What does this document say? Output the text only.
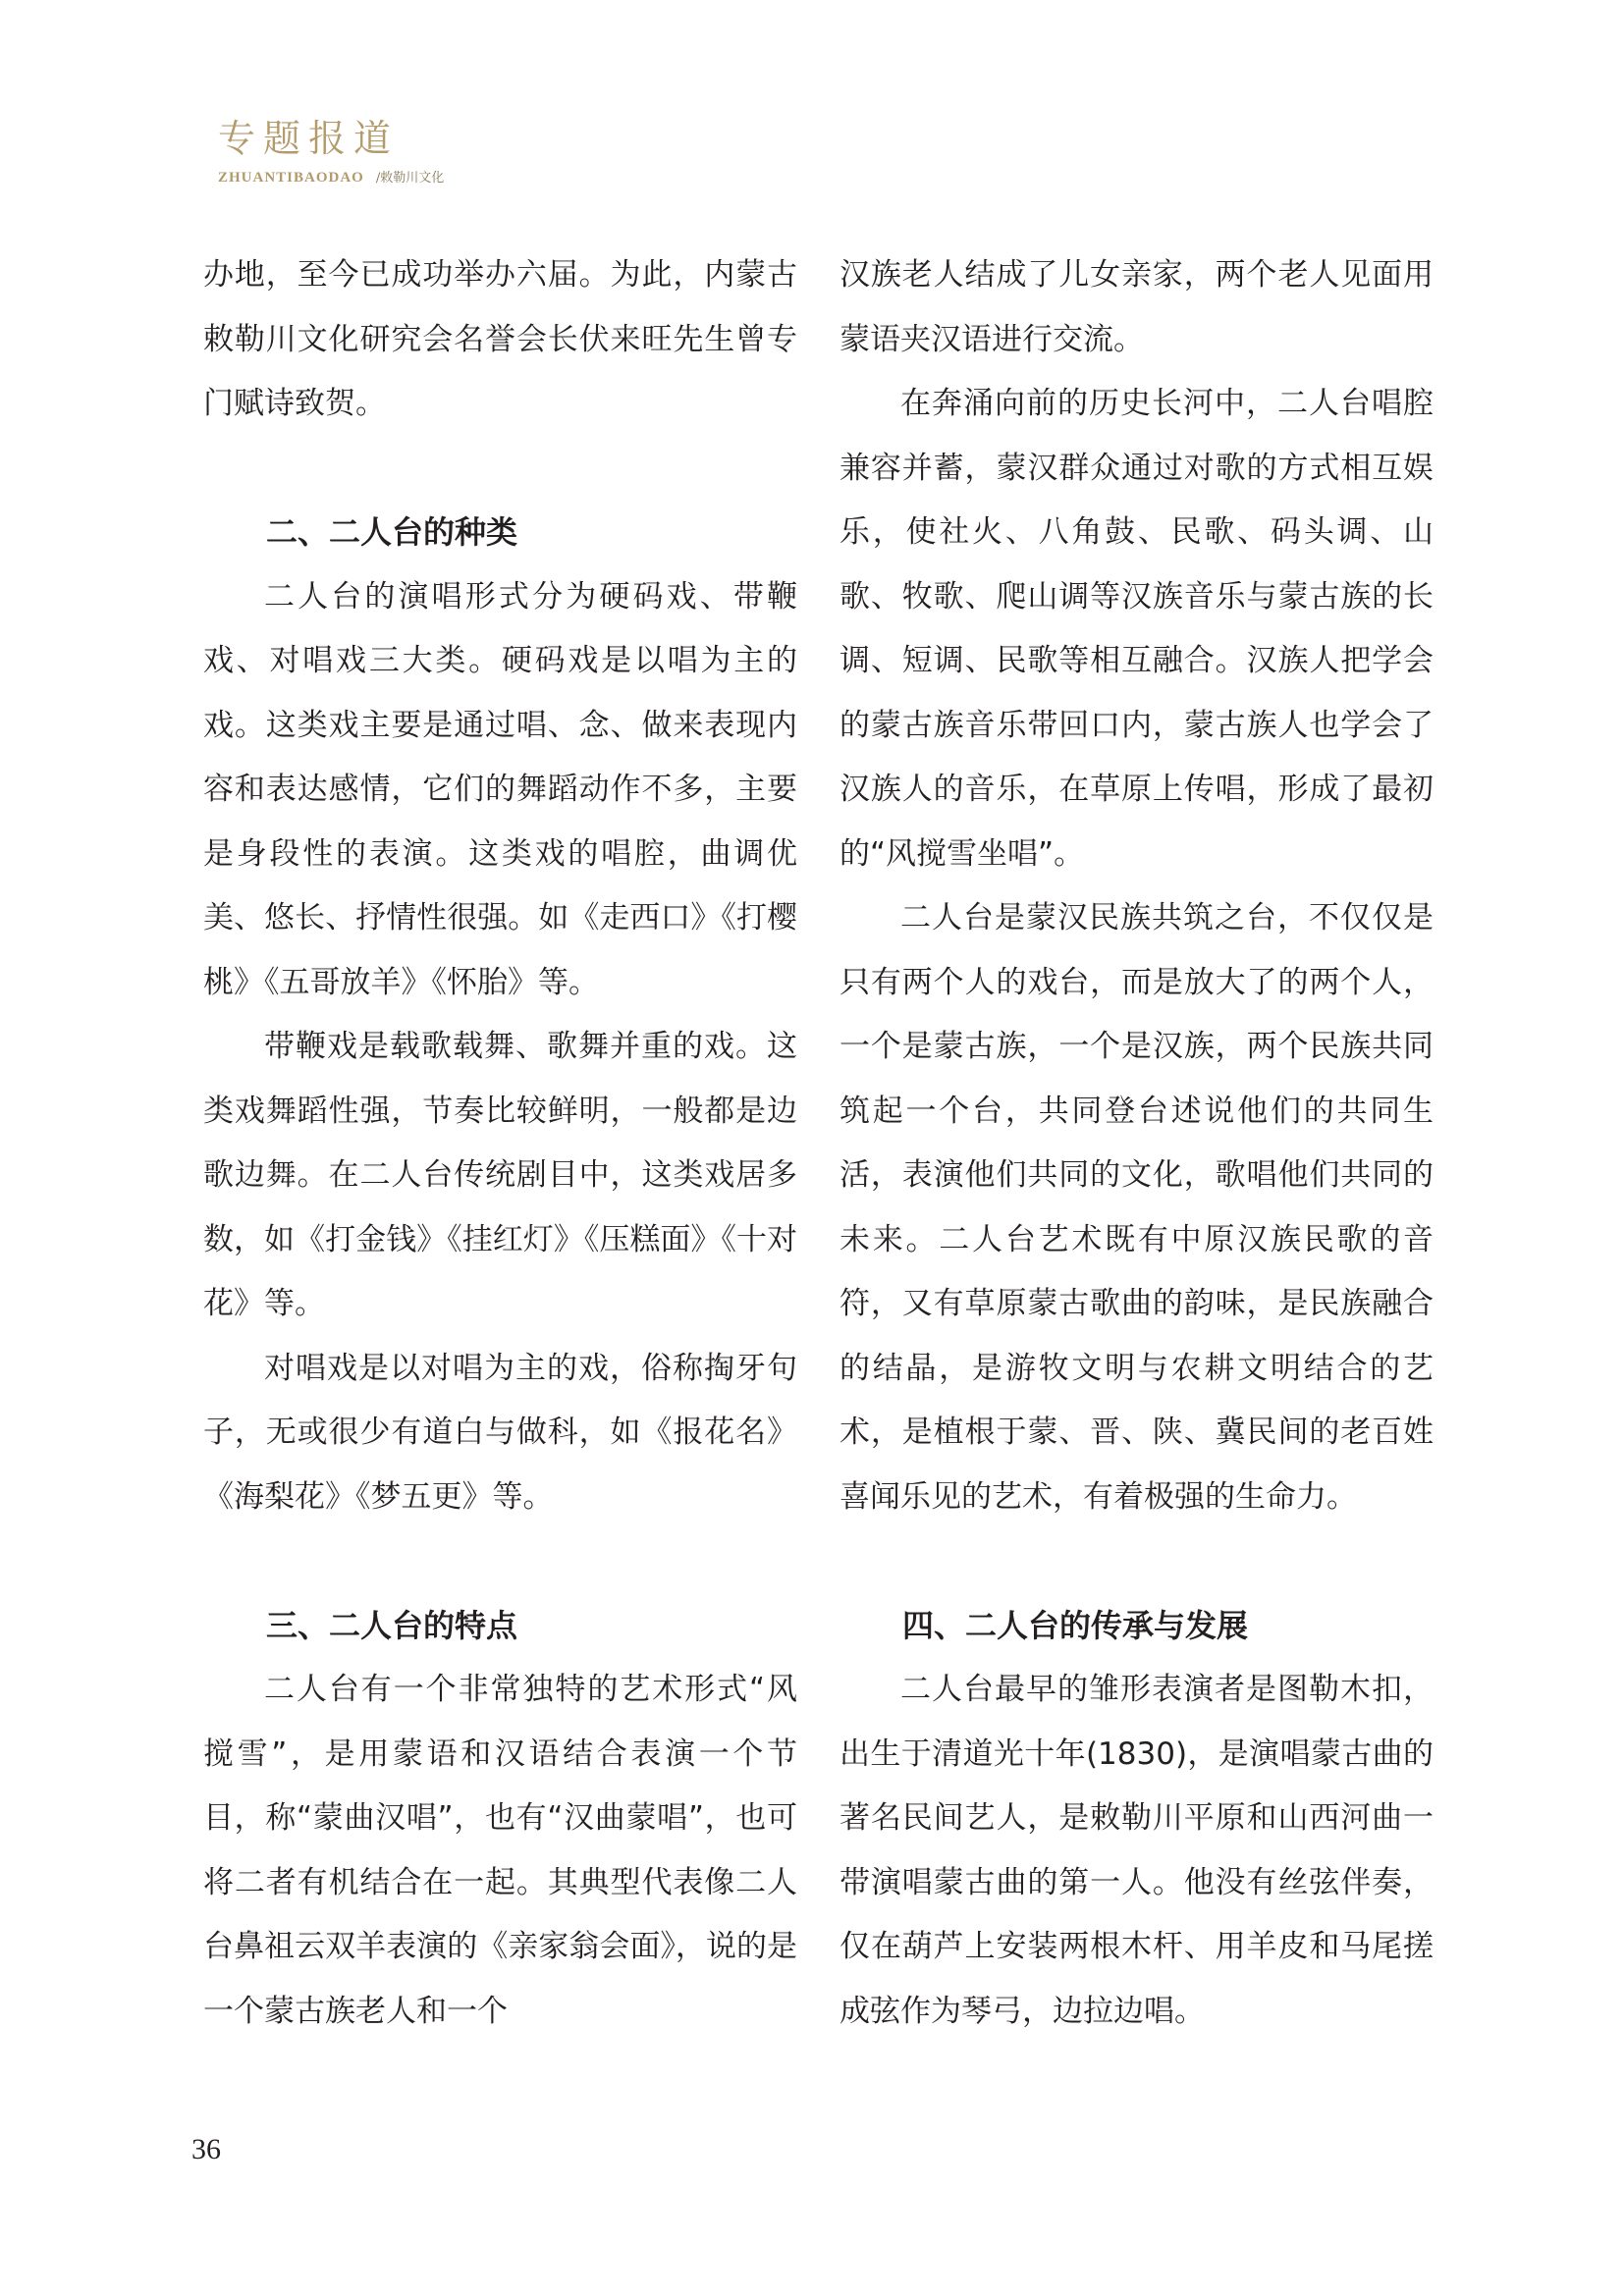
专题报道
ZHUANTIBAODAO /敕勒川文化

办地，至今已成功举办六届。为此，内蒙古敕勒川文化研究会名誉会长伏来旺先生曾专门赋诗致贺。

二、二人台的种类

二人台的演唱形式分为硬码戏、带鞭戏、对唱戏三大类。硬码戏是以唱为主的戏。这类戏主要是通过唱、念、做来表现内容和表达感情，它们的舞蹈动作不多，主要是身段性的表演。这类戏的唱腔，曲调优美、悠长、抒情性很强。如《走西口》《打樱桃》《五哥放羊》《怀胎》等。

带鞭戏是载歌载舞、歌舞并重的戏。这类戏舞蹈性强，节奏比较鲜明，一般都是边歌边舞。在二人台传统剧目中，这类戏居多数，如《打金钱》《挂红灯》《压糕面》《十对花》等。

对唱戏是以对唱为主的戏，俗称掏牙句子，无或很少有道白与做科，如《报花名》《海梨花》《梦五更》等。

三、二人台的特点

二人台有一个非常独特的艺术形式“风搅雪”，是用蒙语和汉语结合表演一个节目，称“蒙曲汉唱”，也有“汉曲蒙唱”，也可将二者有机结合在一起。其典型代表像二人台鼻祖云双羊表演的《亲家翁会面》，说的是一个蒙古族老人和一个

汉族老人结成了儿女亲家，两个老人见面用蒙语夹汉语进行交流。

在奔涌向前的历史长河中，二人台唱腔兼容并蓄，蒙汉群众通过对歌的方式相互娱乐，使社火、八角鼓、民歌、码头调、山歌、牧歌、爬山调等汉族音乐与蒙古族的长调、短调、民歌等相互融合。汉族人把学会的蒙古族音乐带回口内，蒙古族人也学会了汉族人的音乐，在草原上传唱，形成了最初的“风搅雪坐唱”。

二人台是蒙汉民族共筑之台，不仅仅是只有两个人的戏台，而是放大了的两个人，一个是蒙古族，一个是汉族，两个民族共同筑起一个台，共同登台述说他们的共同生活，表演他们共同的文化，歌唱他们共同的未来。二人台艺术既有中原汉族民歌的音符，又有草原蒙古歌曲的韵味，是民族融合的结晶，是游牧文明与农耕文明结合的艺术，是植根于蒙、晋、陕、冀民间的老百姓喜闻乐见的艺术，有着极强的生命力。

四、二人台的传承与发展

二人台最早的雏形表演者是图勒木扣，出生于清道光十年(1830)，是演唱蒙古曲的著名民间艺人，是敕勒川平原和山西河曲一带演唱蒙古曲的第一人。他没有丝弦伴奏，仅在葫芦上安装两根木杆、用羊皮和马尾搓成弦作为琴弓，边拉边唱。

36
